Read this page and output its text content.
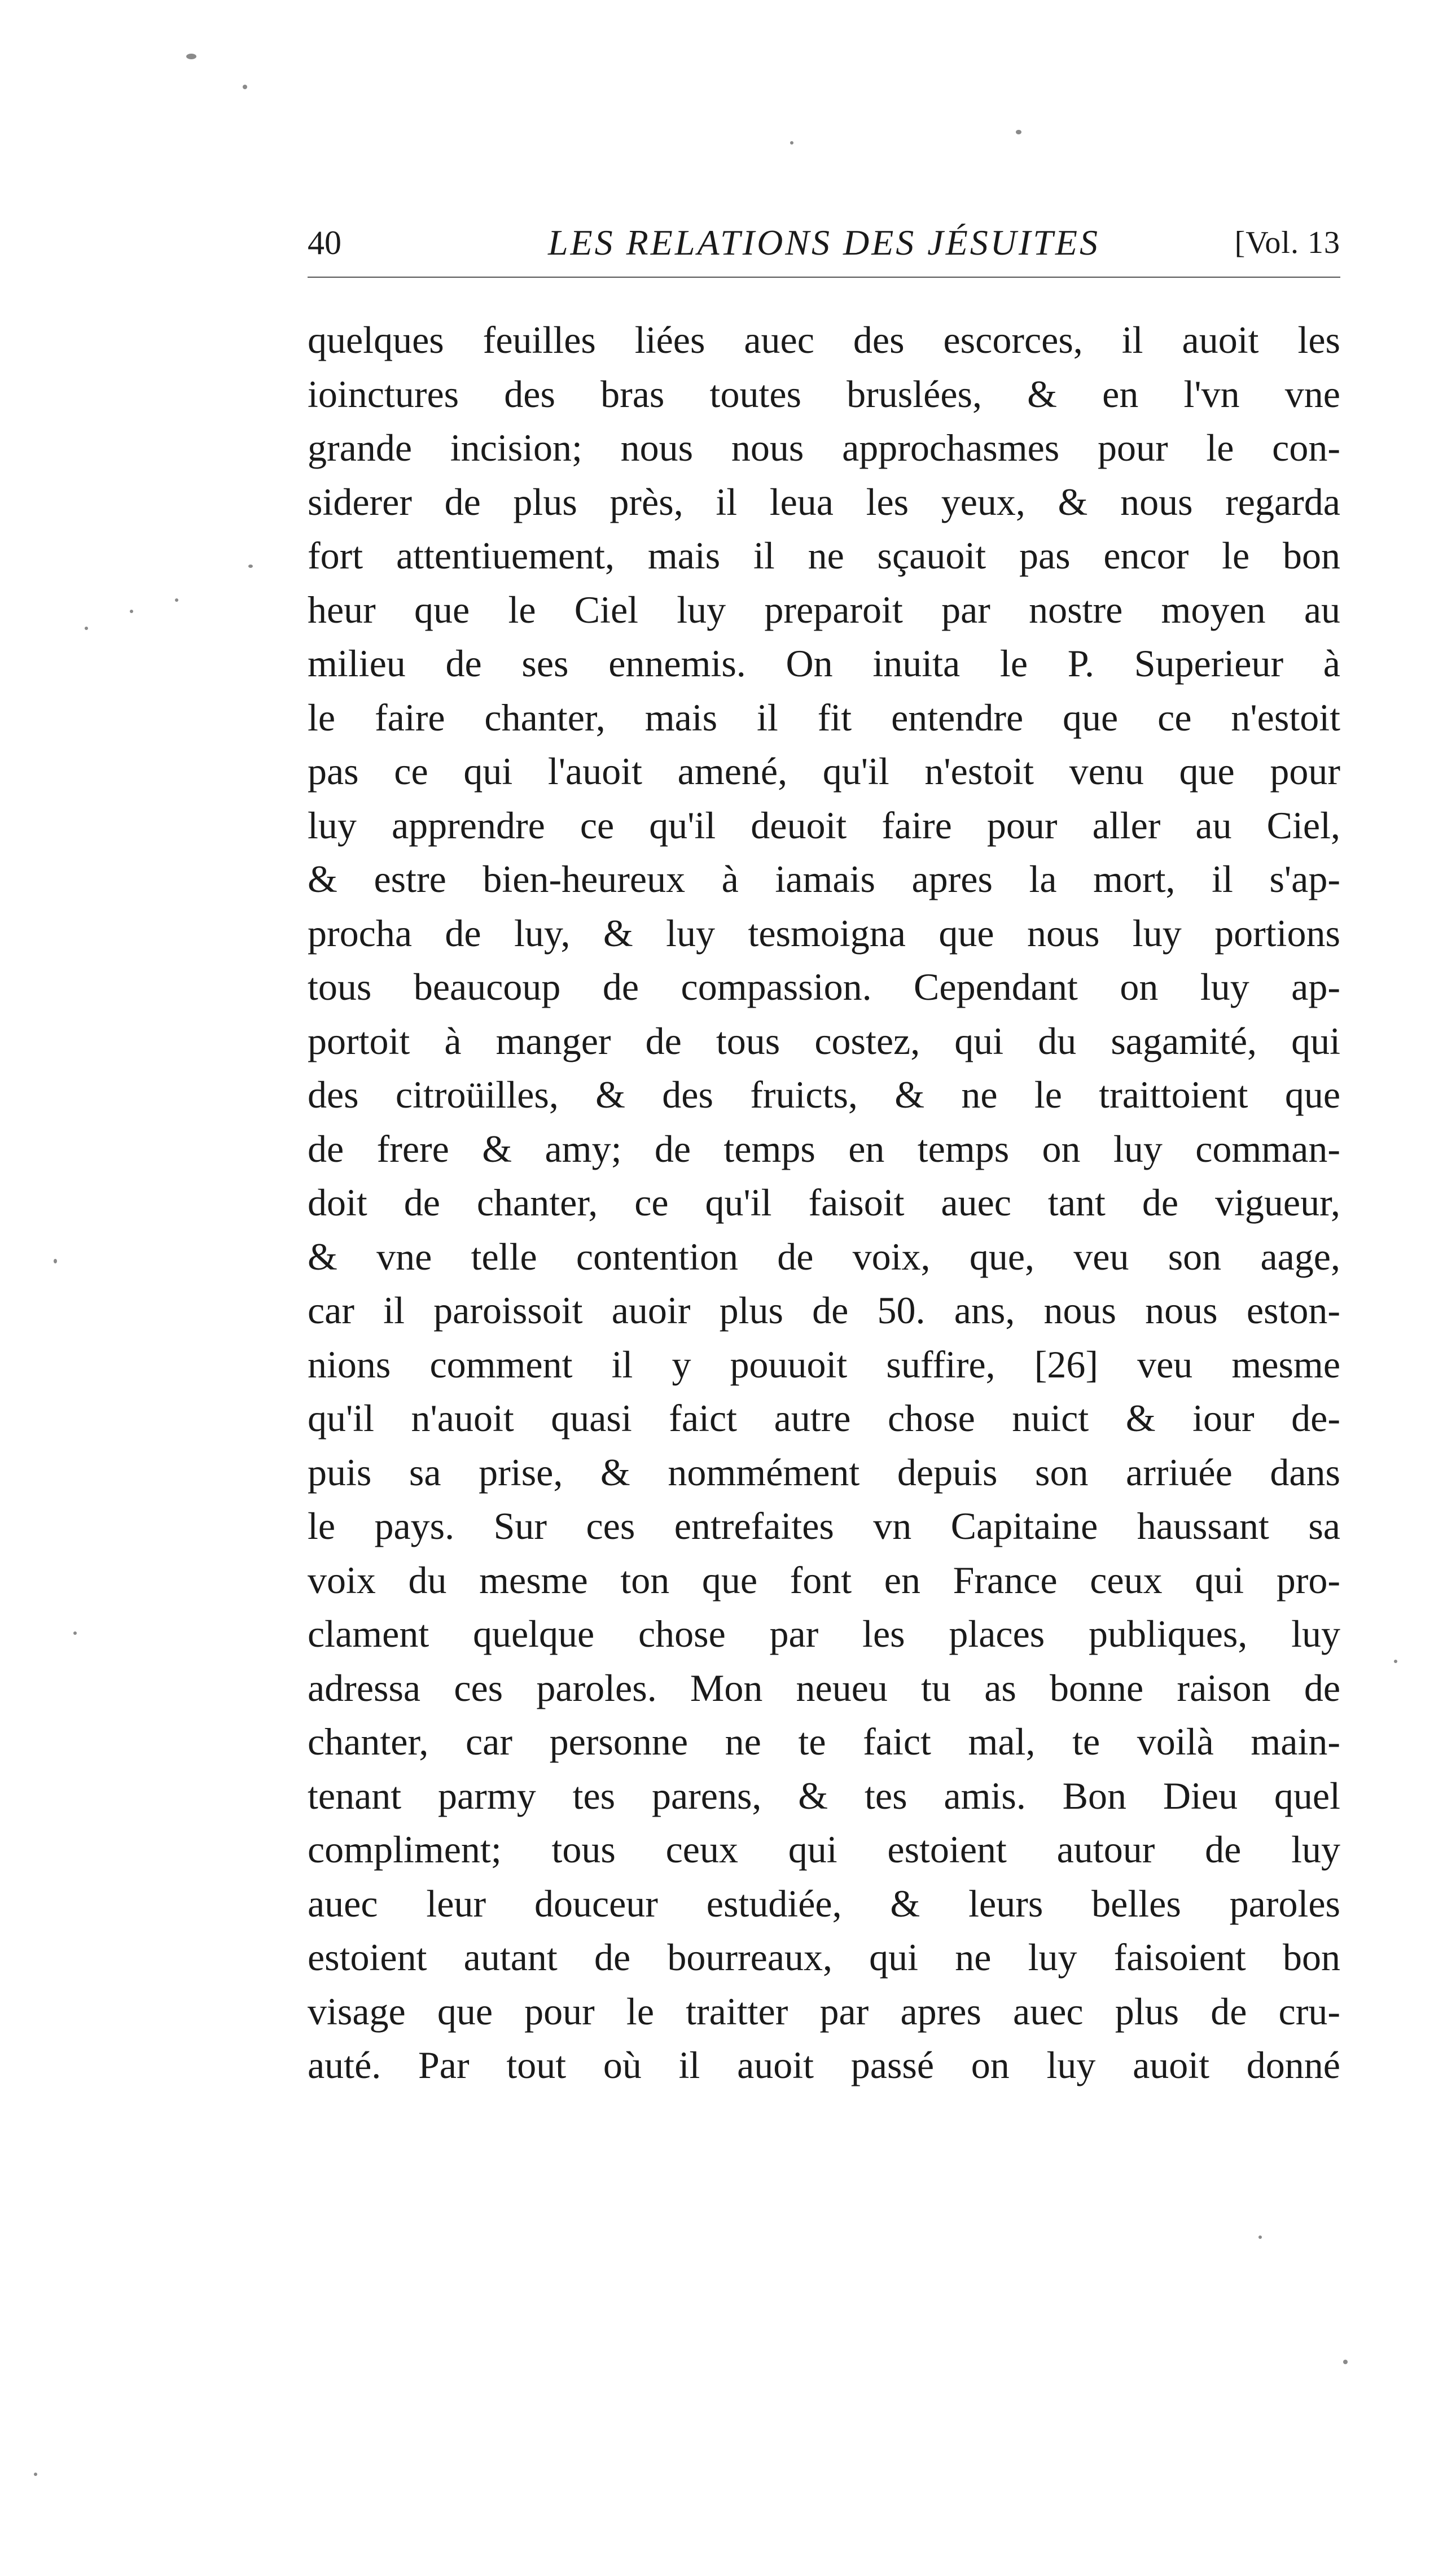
40	LES RELATIONS DES JÉSUITES	[Vol. 13
quelques feuilles liées auec des escorces, il auoit les
ioinctures des bras toutes bruslées, & en l'vn vne
grande incision; nous nous approchasmes pour le con-
siderer de plus près, il leua les yeux, & nous regarda
fort attentiuement, mais il ne sçauoit pas encor le bon
heur que le Ciel luy preparoit par nostre moyen au
milieu de ses ennemis. On inuita le P. Superieur à
le faire chanter, mais il fit entendre que ce n'estoit
pas ce qui l'auoit amené, qu'il n'estoit venu que pour
luy apprendre ce qu'il deuoit faire pour aller au Ciel,
& estre bien-heureux à iamais apres la mort, il s'ap-
procha de luy, & luy tesmoigna que nous luy portions
tous beaucoup de compassion. Cependant on luy ap-
portoit à manger de tous costez, qui du sagamité, qui
des citroüilles, & des fruicts, & ne le traittoient que
de frere & amy; de temps en temps on luy comman-
doit de chanter, ce qu'il faisoit auec tant de vigueur,
& vne telle contention de voix, que, veu son aage,
car il paroissoit auoir plus de 50. ans, nous nous eston-
nions comment il y pouuoit suffire, [26] veu mesme
qu'il n'auoit quasi faict autre chose nuict & iour de-
puis sa prise, & nommément depuis son arriuée dans
le pays. Sur ces entrefaites vn Capitaine haussant sa
voix du mesme ton que font en France ceux qui pro-
clament quelque chose par les places publiques, luy
adressa ces paroles. Mon neueu tu as bonne raison de
chanter, car personne ne te faict mal, te voilà main-
tenant parmy tes parens, & tes amis. Bon Dieu quel
compliment; tous ceux qui estoient autour de luy
auec leur douceur estudiée, & leurs belles paroles
estoient autant de bourreaux, qui ne luy faisoient bon
visage que pour le traitter par apres auec plus de cru-
auté. Par tout où il auoit passé on luy auoit donné
